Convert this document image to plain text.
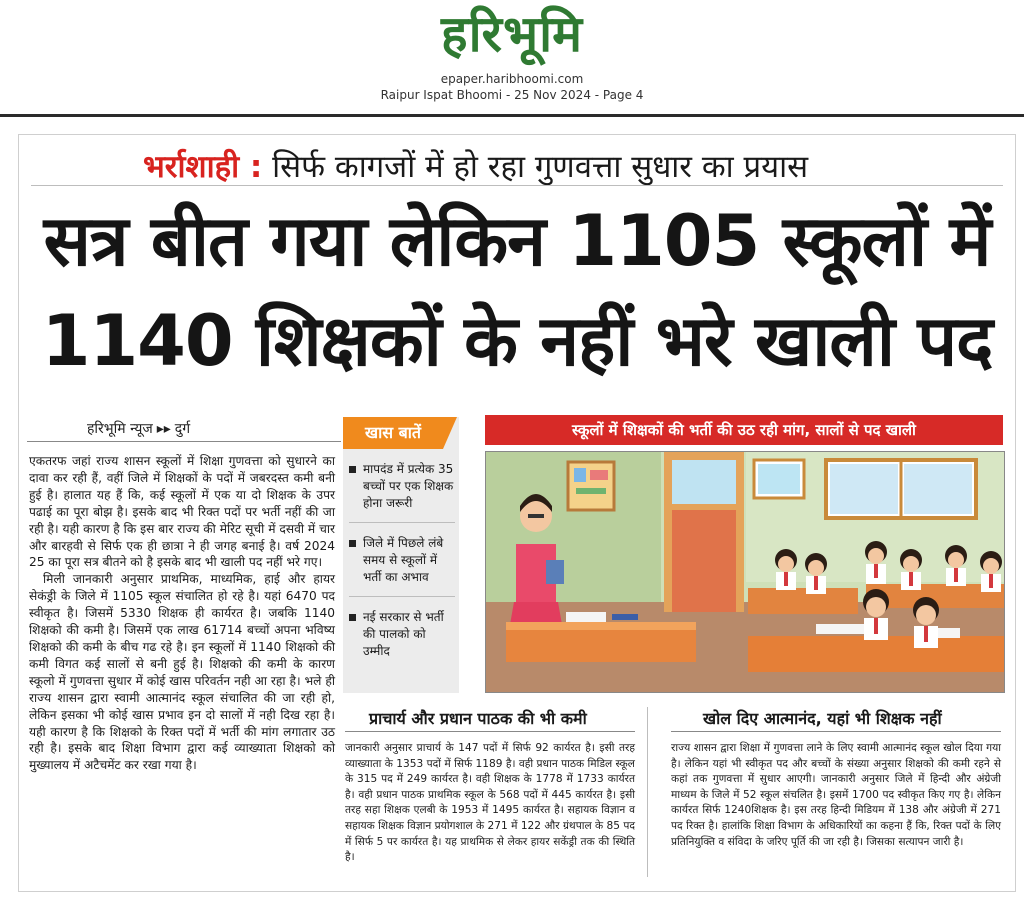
हरिभूमि
epaper.haribhoomi.com
Raipur Ispat Bhoomi - 25 Nov 2024 - Page 4
भर्राशाही : सिर्फ कागजों में हो रहा गुणवत्ता सुधार का प्रयास
सत्र बीत गया लेकिन 1105 स्कूलों में
1140 शिक्षकों के नहीं भरे खाली पद
हरिभूमि न्यूज ▸▸ दुर्ग

एकतरफ जहां राज्य शासन स्कूलों में शिक्षा गुणवत्ता को सुधारने का दावा कर रही हैं, वहीं जिले में शिक्षकों के पदों में जबरदस्त कमी बनी हुई है। हालात यह हैं कि, कई स्कूलों में एक या दो शिक्षक के उपर पढाई का पूरा बोझ है। इसके बाद भी रिक्त पदों पर भर्ती नहीं की जा रही है। यही कारण है कि इस बार राज्य की मेरिट सूची में दसवी में चार और बारहवी से सिर्फ एक ही छात्रा ने ही जगह बनाई है। वर्ष 2024 25 का पूरा सत्र बीतने को है इसके बाद भी खाली पद नहीं भरे गए।

मिली जानकारी अनुसार प्राथमिक, माध्यमिक, हाई और हायर सेकंड्री के जिले में 1105 स्कूल संचालित हो रहे है। यहां 6470 पद स्वीकृत है। जिसमें 5330 शिक्षक ही कार्यरत है। जबकि 1140 शिक्षको की कमी है। जिसमें एक लाख 61714 बच्चों अपना भविष्य शिक्षको की कमी के बीच गढ रहे है। इन स्कूलों में 1140 शिक्षको की कमी विगत कई सालों से बनी हुई है। शिक्षको की कमी के कारण स्कूलो में गुणवत्ता सुधार में कोई खास परिवर्तन नही आ रहा है। भले ही राज्य शासन द्वारा स्वामी आत्मानंद स्कूल संचालित की जा रही हो, लेकिन इसका भी कोई खास प्रभाव इन दो सालों में नही दिख रहा है। यही कारण है कि शिक्षको के रिक्त पदों में भर्ती की मांग लगातार उठ रही है। इसके बाद शिक्षा विभाग द्वारा कई व्याख्याता शिक्षको को मुख्यालय में अटैचमेंट कर रखा गया है।

खास बातें
मापदंड में प्रत्येक 35 बच्चों पर एक शिक्षक होना जरूरी
जिले में पिछले लंबे समय से स्कूलों में भर्ती का अभाव
नई सरकार से भर्ती की पालको को उम्मीद
स्कूलों में शिक्षकों की भर्ती की उठ रही मांग, सालों से पद खाली
प्राचार्य और प्रधान पाठक की भी कमी
जानकारी अनुसार प्राचार्य के 147 पदों में सिर्फ 92 कार्यरत है। इसी तरह व्याख्याता के 1353 पदों में सिर्फ 1189 है। वही प्रधान पाठक मिडिल स्कूल के 315 पद में 249 कार्यरत है। वही शिक्षक के 1778 में 1733 कार्यरत है। वही प्रधान पाठक प्राथमिक स्कूल के 568 पदों में 445 कार्यरत है। इसी तरह सहा शिक्षक एलबी के 1953 में 1495 कार्यरत है। सहायक विज्ञान व सहायक शिक्षक विज्ञान प्रयोगशाल के 271 में 122 और ग्रंथपाल के 85 पद में सिर्फ 5 पर कार्यरत है। यह प्राथमिक से लेकर हायर सकेंड्री तक की स्थिति है।
खोल दिए आत्मानंद, यहां भी शिक्षक नहीं
राज्य शासन द्वारा शिक्षा में गुणवत्ता लाने के लिए स्वामी आत्मानंद स्कूल खोल दिया गया है। लेकिन यहां भी स्वीकृत पद और बच्चों के संख्या अनुसार शिक्षको की कमी रहने से कहां तक गुणवत्ता में सुधार आएगी। जानकारी अनुसार जिले में हिन्दी और अंग्रेजी माध्यम के जिले में 52 स्कूल संचलित है। इसमें 1700 पद स्वीकृत किए गए है। लेकिन कार्यरत सिर्फ 1240शिक्षक है। इस तरह हिन्दी मिडियम में 138 और अंग्रेजी में 271 पद रिक्त है। हालांकि शिक्षा विभाग के अधिकारियों का कहना हैं कि, रिक्त पदों के लिए प्रतिनियुक्ति व संविदा के जरिए पूर्ति की जा रही है। जिसका सत्यापन जारी है।
